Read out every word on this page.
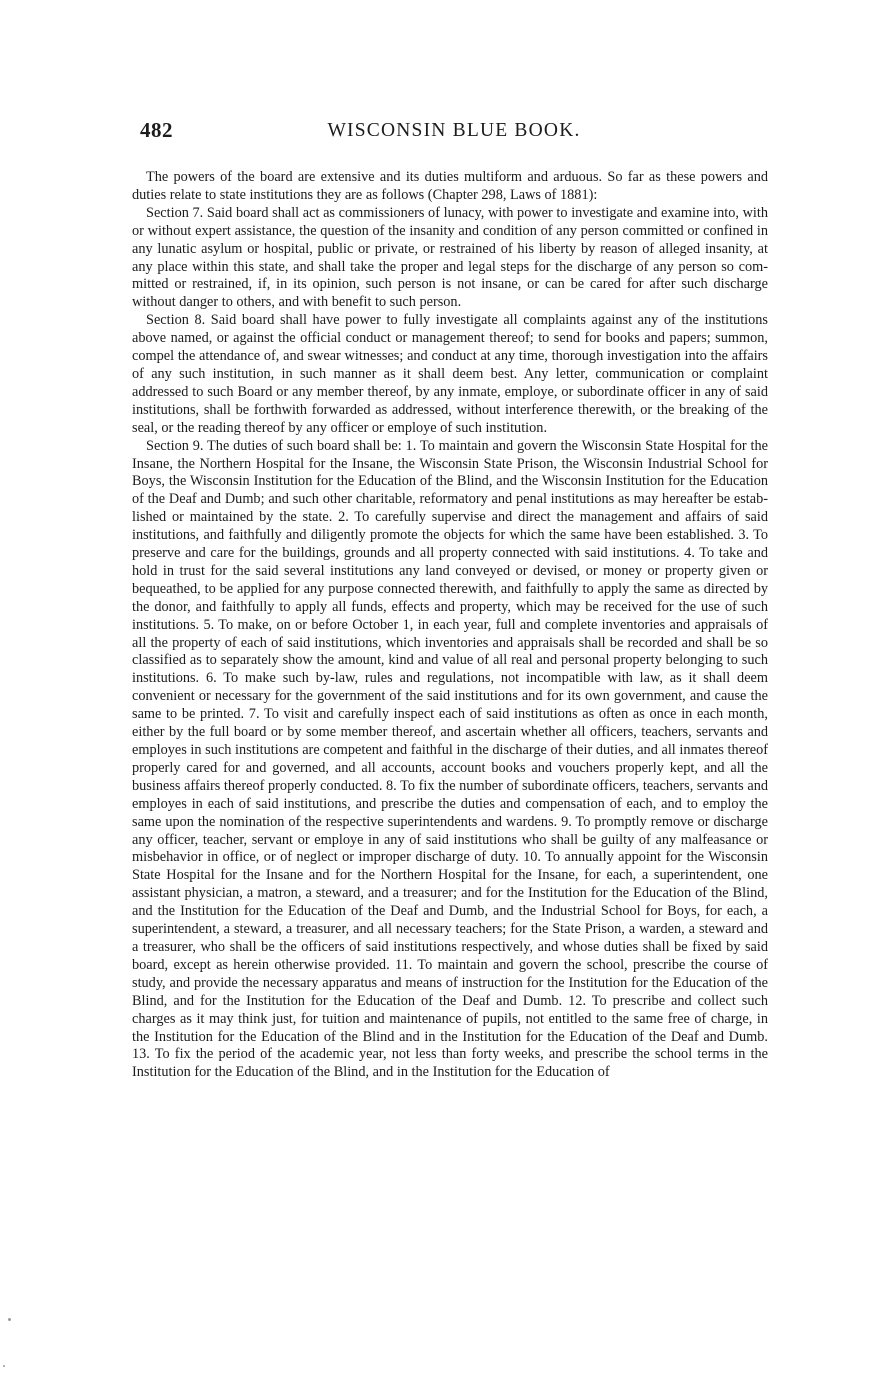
482	WISCONSIN BLUE BOOK.

The powers of the board are extensive and its duties multiform and arduous. So far as these powers and duties relate to state institutions they are as follows (Chapter 298, Laws of 1881):

Section 7. Said board shall act as commissioners of lunacy, with power to investigate and examine into, with or without expert assistance, the question of the insanity and condition of any person committed or confined in any lunatic asylum or hospital, public or private, or restrained of his liberty by reason of alleged insanity, at any place within this state, and shall take the proper and legal steps for the discharge of any person so committed or restrained, if, in its opinion, such person is not insane, or can be cared for after such discharge without danger to others, and with benefit to such person.

Section 8. Said board shall have power to fully investigate all complaints against any of the institutions above named, or against the official conduct or management thereof; to send for books and papers; summon, compel the attendance of, and swear witnesses; and conduct at any time, thorough investigation into the affairs of any such institution, in such manner as it shall deem best. Any letter, communication or complaint addressed to such Board or any member thereof, by any inmate, employe, or subordinate officer in any of said institutions, shall be forthwith forwarded as addressed, without interference therewith, or the breaking of the seal, or the reading thereof by any officer or employe of such institution.

Section 9. The duties of such board shall be: 1. To maintain and govern the Wisconsin State Hospital for the Insane, the Northern Hospital for the Insane, the Wisconsin State Prison, the Wisconsin Industrial School for Boys, the Wisconsin Institution for the Education of the Blind, and the Wisconsin Institution for the Education of the Deaf and Dumb; and such other charitable, reformatory and penal institutions as may hereafter be established or maintained by the state. 2. To carefully supervise and direct the management and affairs of said institutions, and faithfully and diligently promote the objects for which the same have been established. 3. To preserve and care for the buildings, grounds and all property connected with said institutions. 4. To take and hold in trust for the said several institutions any land conveyed or devised, or money or property given or bequeathed, to be applied for any purpose connected therewith, and faithfully to apply the same as directed by the donor, and faithfully to apply all funds, effects and property, which may be received for the use of such institutions. 5. To make, on or before October 1, in each year, full and complete inventories and appraisals of all the property of each of said institutions, which inventories and appraisals shall be recorded and shall be so classified as to separately show the amount, kind and value of all real and personal property belonging to such institutions. 6. To make such by-law, rules and regulations, not incompatible with law, as it shall deem convenient or necessary for the government of the said institutions and for its own government, and cause the same to be printed. 7. To visit and carefully inspect each of said institutions as often as once in each month, either by the full board or by some member thereof, and ascertain whether all officers, teachers, servants and employes in such institutions are competent and faithful in the discharge of their duties, and all inmates thereof properly cared for and governed, and all accounts, account books and vouchers properly kept, and all the business affairs thereof properly conducted. 8. To fix the number of subordinate officers, teachers, servants and employes in each of said institutions, and prescribe the duties and compensation of each, and to employ the same upon the nomination of the respective superintendents and wardens. 9. To promptly remove or discharge any officer, teacher, servant or employe in any of said institutions who shall be guilty of any malfeasance or misbehavior in office, or of neglect or improper discharge of duty. 10. To annually appoint for the Wisconsin State Hospital for the Insane and for the Northern Hospital for the Insane, for each, a superintendent, one assistant physician, a matron, a steward, and a treasurer; and for the Institution for the Education of the Blind, and the Institution for the Education of the Deaf and Dumb, and the Industrial School for Boys, for each, a superintendent, a steward, a treasurer, and all necessary teachers; for the State Prison, a warden, a steward and a treasurer, who shall be the officers of said institutions respectively, and whose duties shall be fixed by said board, except as herein otherwise provided. 11. To maintain and govern the school, prescribe the course of study, and provide the necessary apparatus and means of instruction for the Institution for the Education of the Blind, and for the Institution for the Education of the Deaf and Dumb. 12. To prescribe and collect such charges as it may think just, for tuition and maintenance of pupils, not entitled to the same free of charge, in the Institution for the Education of the Blind and in the Institution for the Education of the Deaf and Dumb. 13. To fix the period of the academic year, not less than forty weeks, and prescribe the school terms in the Institution for the Education of the Blind, and in the Institution for the Education of
